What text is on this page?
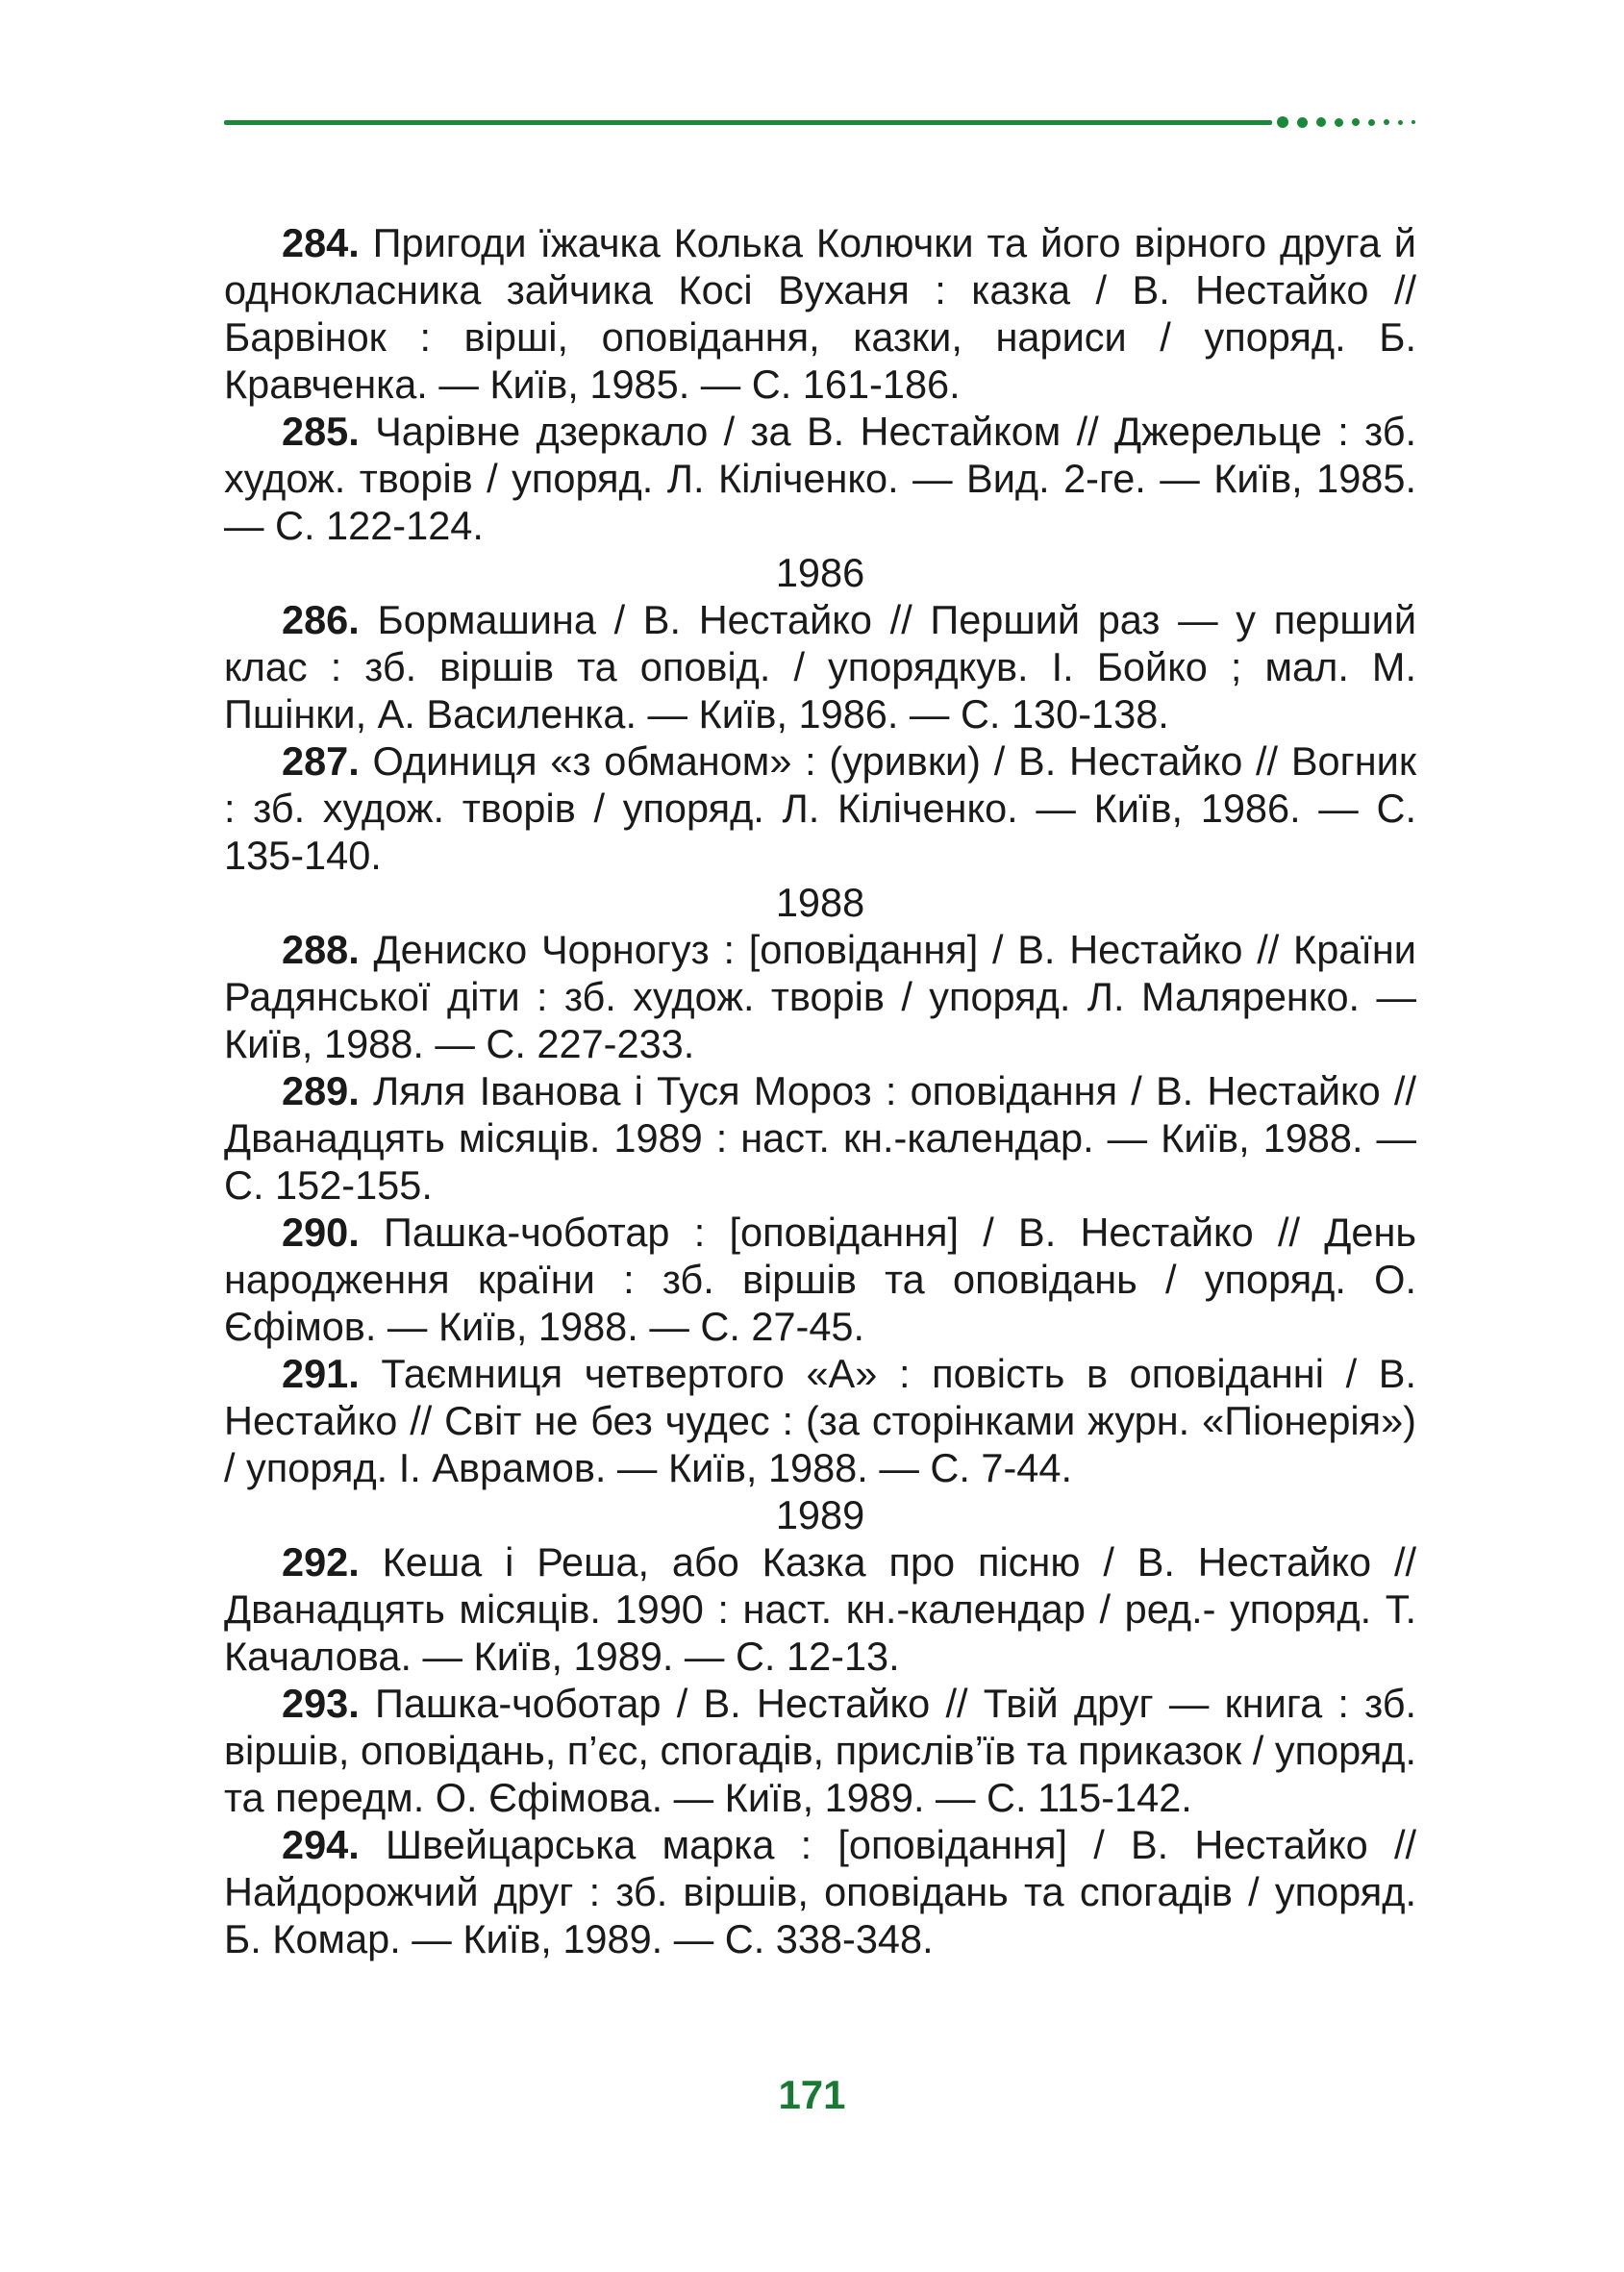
284. Пригоди їжачка Колька Колючки та його вірного друга й однокласника зайчика Косі Вуханя : казка / В. Нестайко // Барвінок : вірші, оповідання, казки, нариси / упоряд. Б. Кравченка. — Київ, 1985. — С. 161-186.

285. Чарівне дзеркало / за В. Нестайком // Джерельце : зб. худож. творів / упоряд. Л. Кіліченко. — Вид. 2-ге. — Київ, 1985. — С. 122-124.

1986

286. Бормашина / В. Нестайко // Перший раз — у перший клас : зб. віршів та оповід. / упорядкув. І. Бойко ; мал. М. Пшінки, А. Василенка. — Київ, 1986. — С. 130-138.

287. Одиниця «з обманом» : (уривки) / В. Нестайко // Вогник : зб. худож. творів / упоряд. Л. Кіліченко. — Київ, 1986. — С. 135-140.

1988

288. Дениско Чорногуз : [оповідання] / В. Нестайко // Країни Радянської діти : зб. худож. творів / упоряд. Л. Маляренко. — Київ, 1988. — С. 227-233.

289. Ляля Іванова і Туся Мороз : оповідання / В. Нестайко // Дванадцять місяців. 1989 : наст. кн.-календар. — Київ, 1988. — С. 152-155.

290. Пашка-чоботар : [оповідання] / В. Нестайко // День народження країни : зб. віршів та оповідань / упоряд. О. Єфімов. — Київ, 1988. — С. 27-45.

291. Таємниця четвертого «А» : повість в оповіданні / В. Нестайко // Світ не без чудес : (за сторінками журн. «Піонерія») / упоряд. І. Аврамов. — Київ, 1988. — С. 7-44.

1989

292. Кеша і Реша, або Казка про пісню / В. Нестайко // Дванадцять місяців. 1990 : наст. кн.-календар / ред.- упоряд. Т. Качалова. — Київ, 1989. — С. 12-13.

293. Пашка-чоботар / В. Нестайко // Твій друг — книга : зб. віршів, оповідань, п’єс, спогадів, прислів’їв та приказок / упоряд. та передм. О. Єфімова. — Київ, 1989. — С. 115-142.

294. Швейцарська марка : [оповідання] / В. Нестайко // Найдорожчий друг : зб. віршів, оповідань та спогадів / упоряд. Б. Комар. — Київ, 1989. — С. 338-348.

171
